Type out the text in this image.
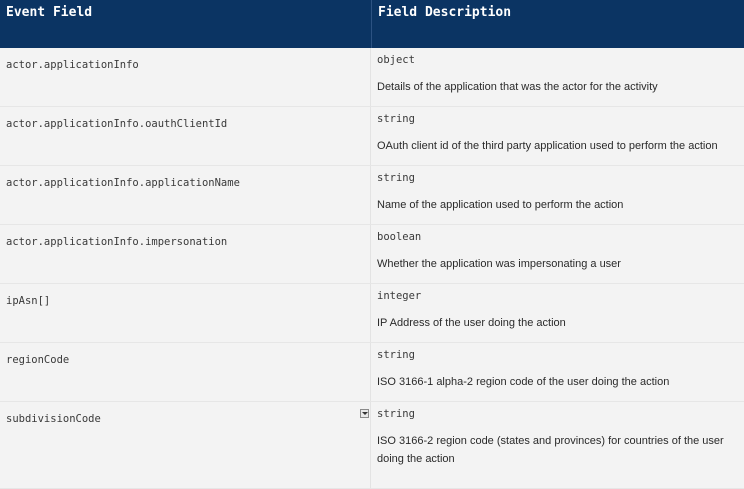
Event Field	Field Description
actor.applicationInfo	object
Details of the application that was the actor for the activity
actor.applicationInfo.oauthClientId	string
OAuth client id of the third party application used to perform the action
actor.applicationInfo.applicationName	string
Name of the application used to perform the action
actor.applicationInfo.impersonation	boolean
Whether the application was impersonating a user
ipAsn[]	integer
IP Address of the user doing the action
regionCode	string
ISO 3166-1 alpha-2 region code of the user doing the action
subdivisionCode	string
ISO 3166-2 region code (states and provinces) for countries of the user doing the action
